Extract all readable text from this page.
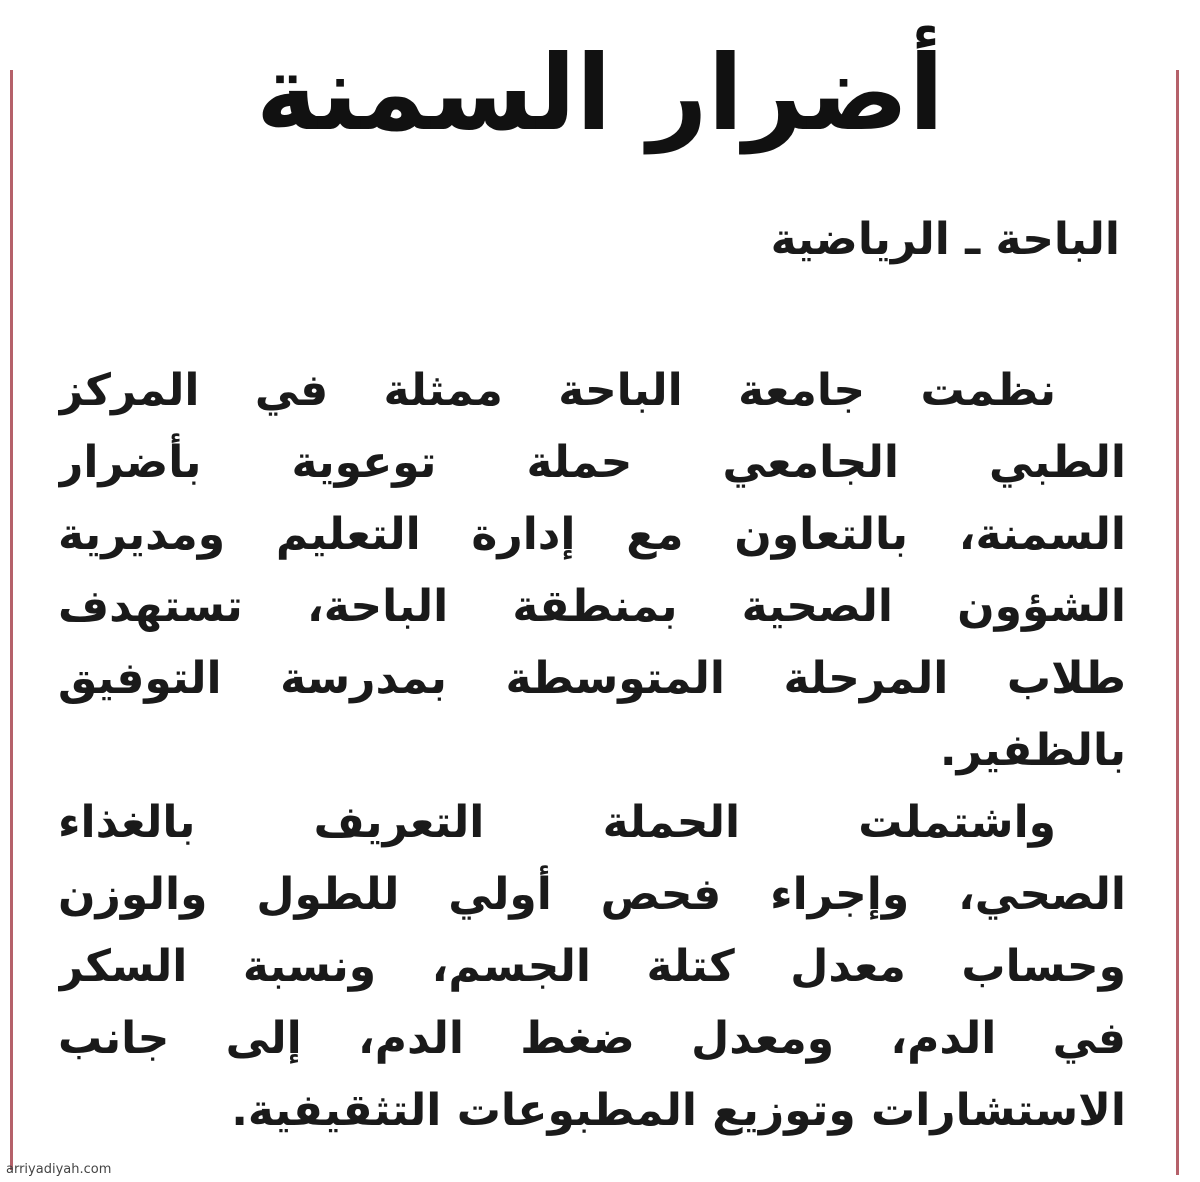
أضرار السمنة
الباحة ـ الرياضية
نظمت جامعة الباحة ممثلة في المركز
الطبي الجامعي حملة توعوية بأضرار
السمنة، بالتعاون مع إدارة التعليم ومديرية
الشؤون الصحية بمنطقة الباحة، تستهدف
طلاب المرحلة المتوسطة بمدرسة التوفيق
بالظفير.
واشتملت الحملة التعريف بالغذاء
الصحي، وإجراء فحص أولي للطول والوزن
وحساب معدل كتلة الجسم، ونسبة السكر
في الدم، ومعدل ضغط الدم، إلى جانب
الاستشارات وتوزيع المطبوعات التثقيفية.
arriyadiyah.com
